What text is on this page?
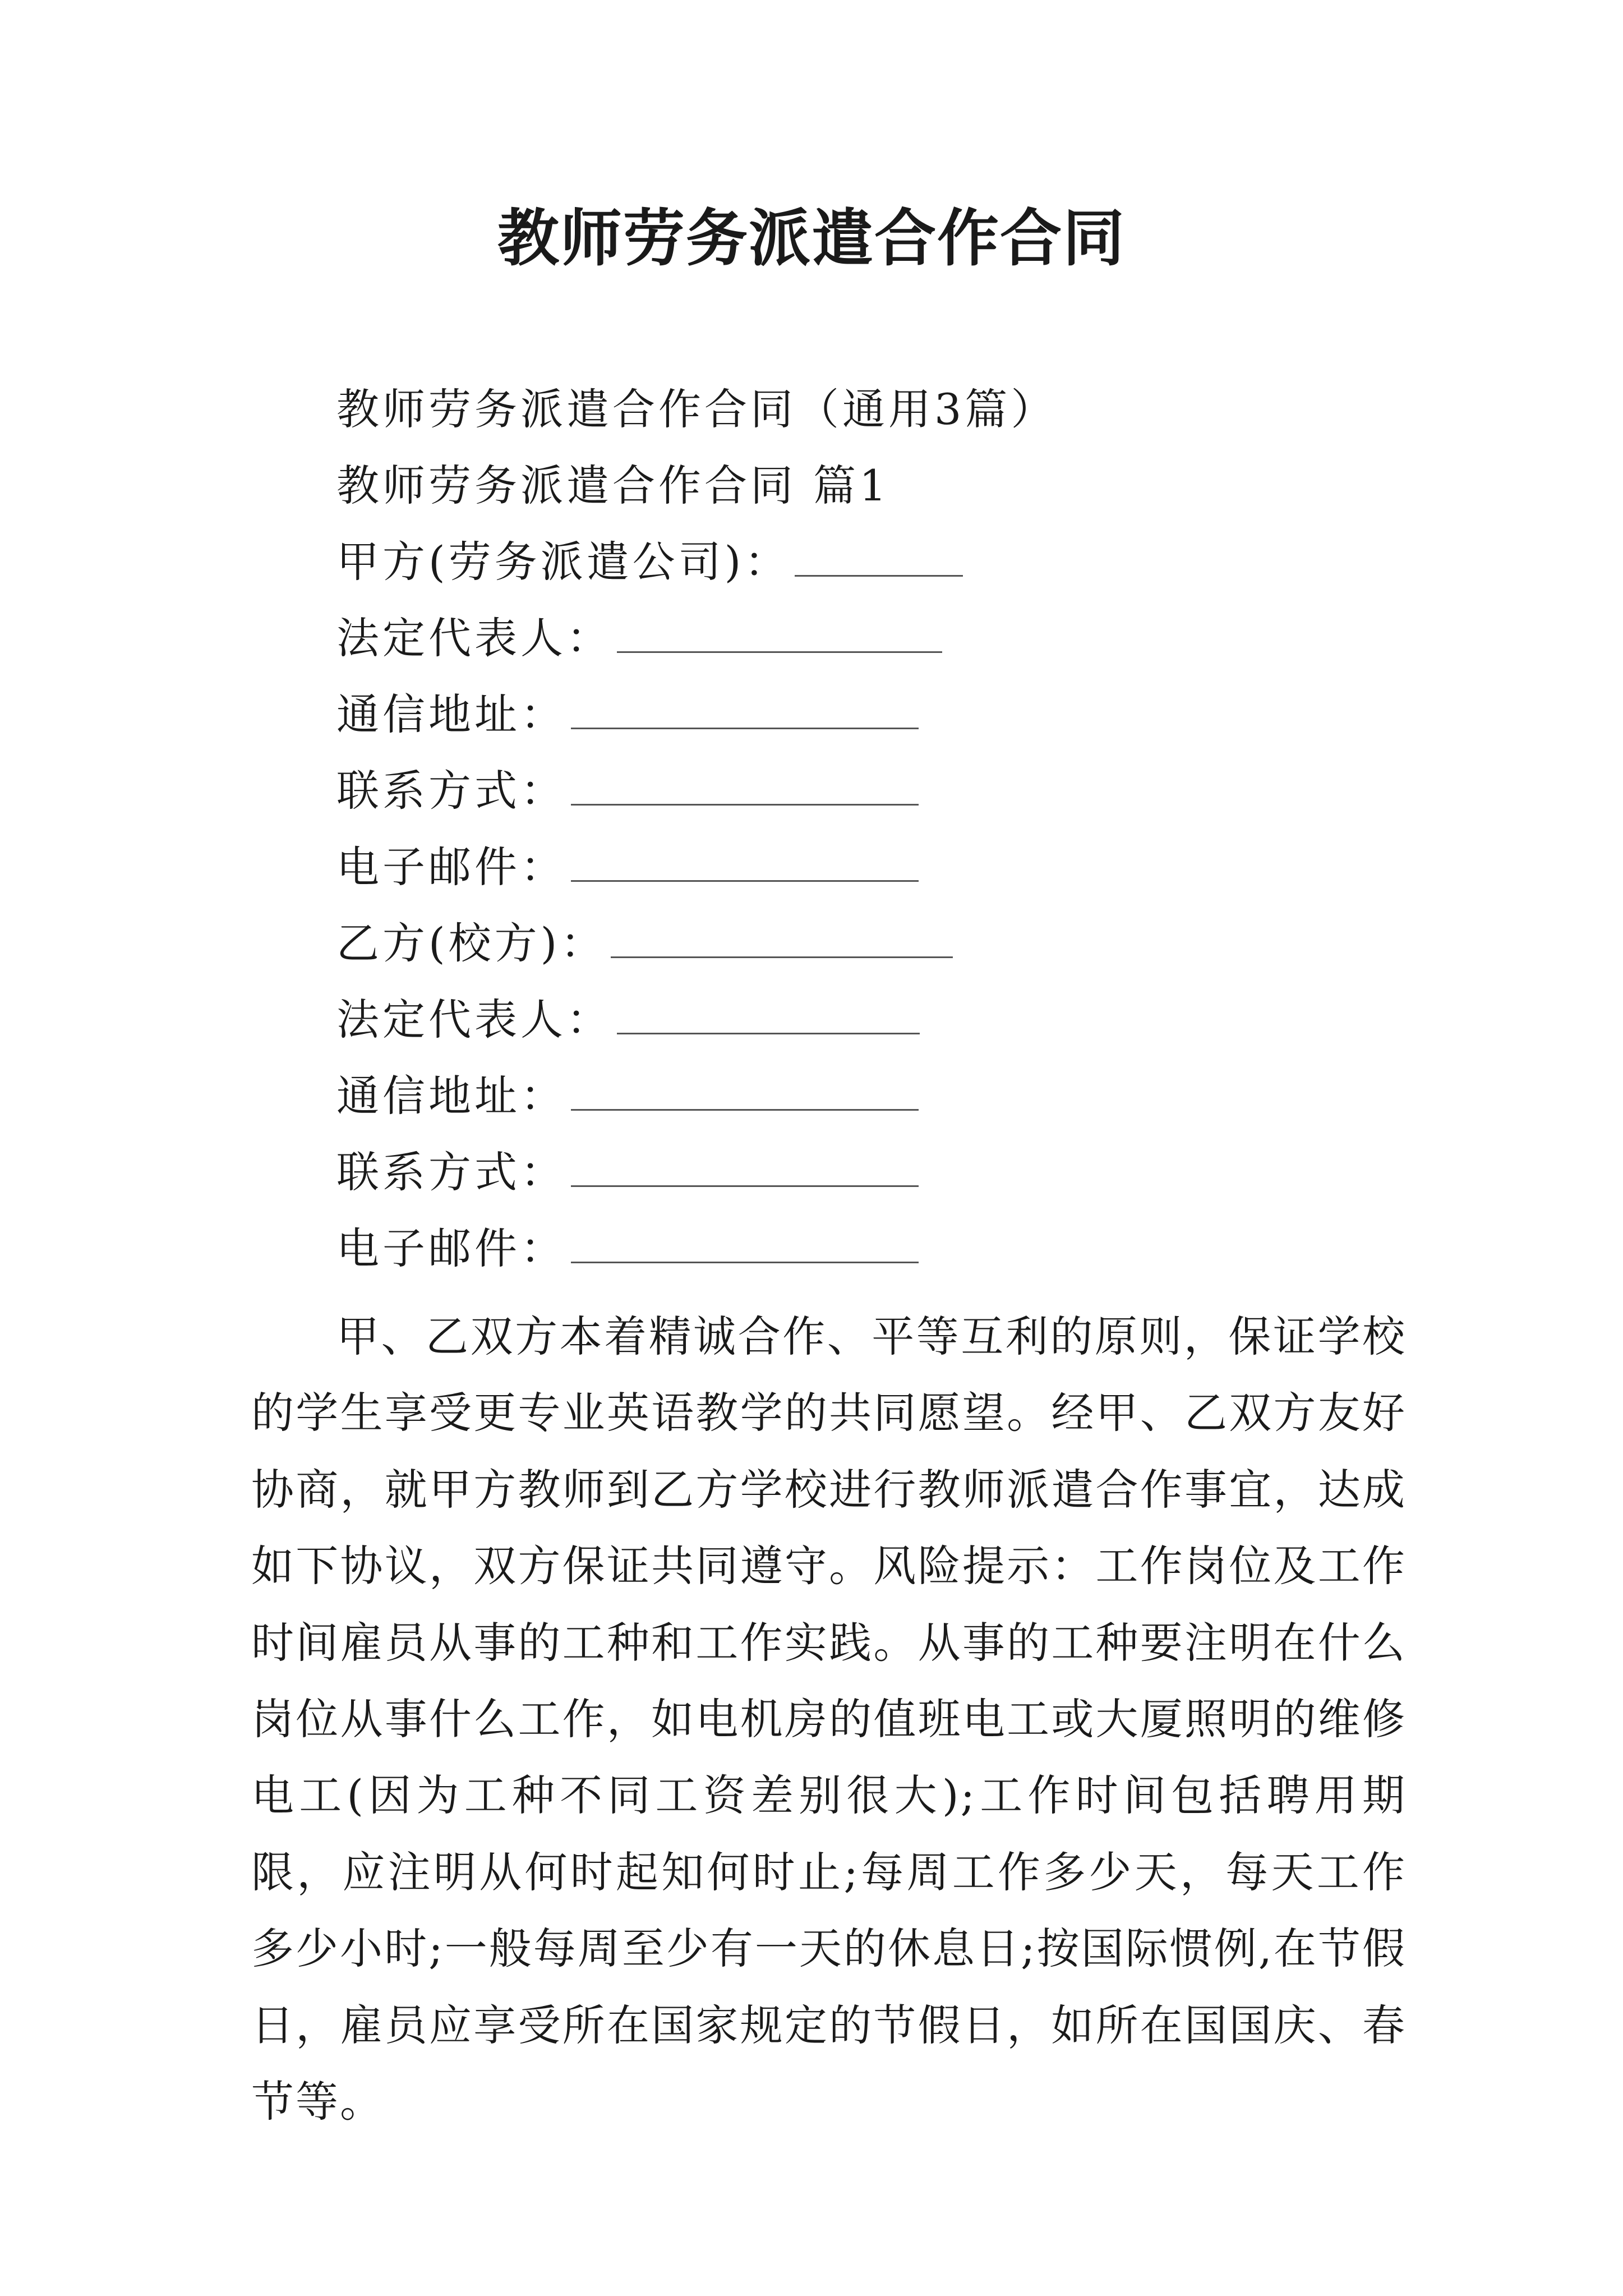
教师劳务派遣合作合同
教师劳务派遣合作合同（通用3篇）
教师劳务派遣合作合同 篇1
甲方(劳务派遣公司)：
法定代表人：
通信地址：
联系方式：
电子邮件：
乙方(校方)：
法定代表人：
通信地址：
联系方式：
电子邮件：
甲、乙双方本着精诚合作、平等互利的原则，保证学校的学生享受更专业英语教学的共同愿望。经甲、乙双方友好协商，就甲方教师到乙方学校进行教师派遣合作事宜，达成如下协议，双方保证共同遵守。风险提示：工作岗位及工作时间雇员从事的工种和工作实践。从事的工种要注明在什么岗位从事什么工作，如电机房的值班电工或大厦照明的维修电工(因为工种不同工资差别很大);工作时间包括聘用期限，应注明从何时起知何时止;每周工作多少天，每天工作多少小时;一般每周至少有一天的休息日;按国际惯例,在节假日，雇员应享受所在国家规定的节假日，如所在国国庆、春节等。
